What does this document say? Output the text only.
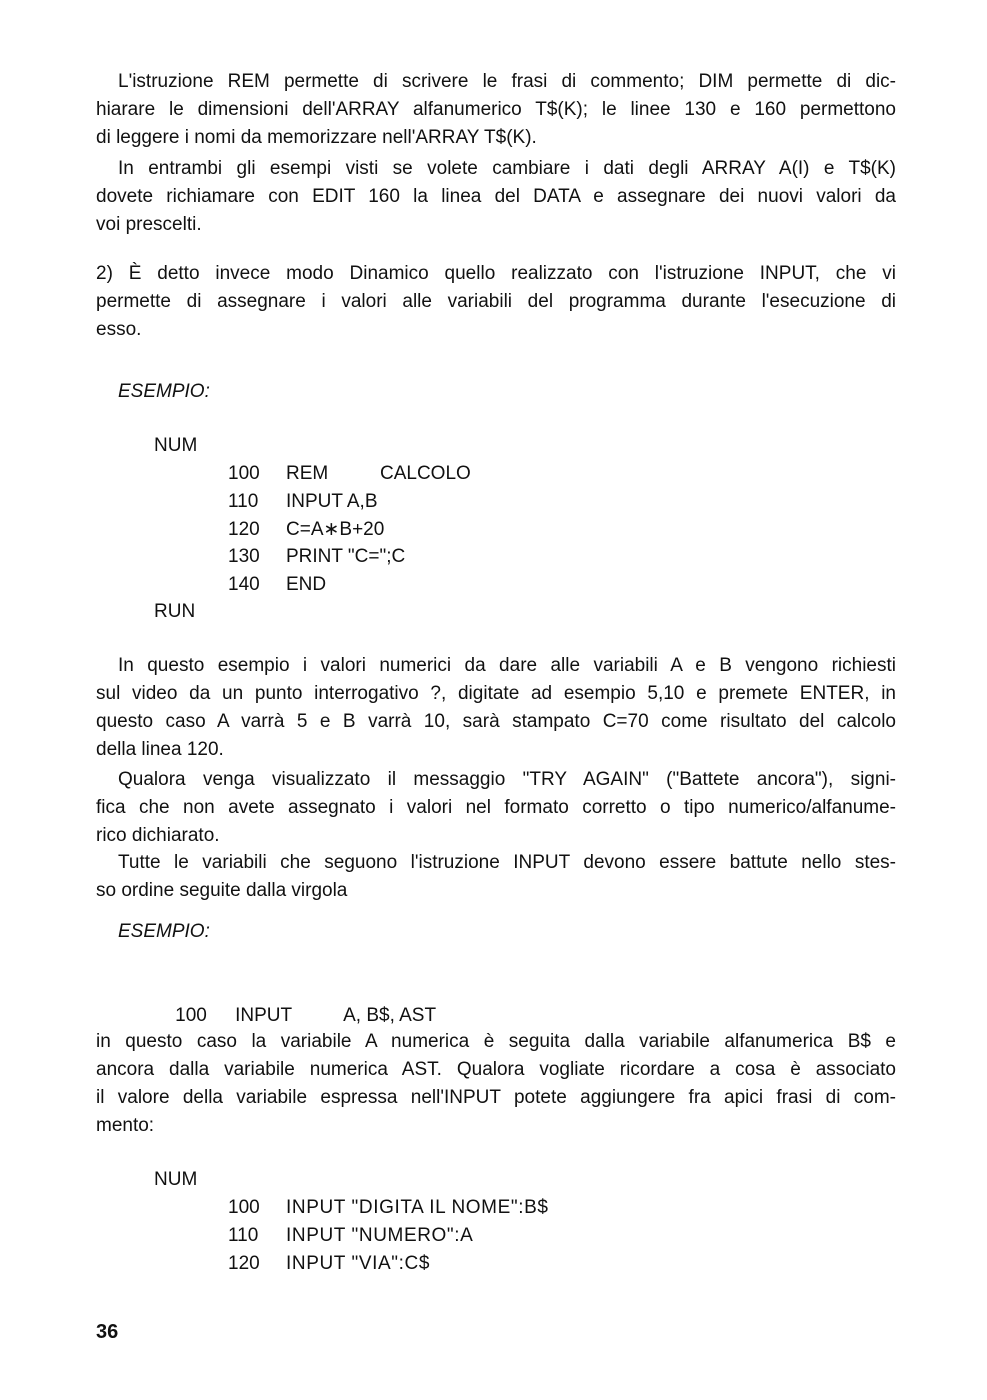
L'istruzione REM permette di scrivere le frasi di commento; DIM permette di dic-
hiarare le dimensioni dell'ARRAY alfanumerico T$(K); le linee 130 e 160 permettono
di leggere i nomi da memorizzare nell'ARRAY T$(K).
In entrambi gli esempi visti se volete cambiare i dati degli ARRAY A(I) e T$(K)
dovete richiamare con EDIT 160 la linea del DATA e assegnare dei nuovi valori da
voi prescelti.
2) È detto invece modo Dinamico quello realizzato con l'istruzione INPUT, che vi
permette di assegnare i valori alle variabili del programma durante l'esecuzione di
esso.
ESEMPIO:
NUM
100 REM	CALCOLO
110 INPUT A,B
120 C=A∗B+20
130 PRINT "C=";C
140 END
RUN
In questo esempio i valori numerici da dare alle variabili A e B vengono richiesti
sul video da un punto interrogativo ?, digitate ad esempio 5,10 e premete ENTER, in
questo caso A varrà 5 e B varrà 10, sarà stampato C=70 come risultato del calcolo
della linea 120.
Qualora venga visualizzato il messaggio "TRY AGAIN" ("Battete ancora"), signi-
fica che non avete assegnato i valori nel formato corretto o tipo numerico/alfanume-
rico dichiarato.
Tutte le variabili che seguono l'istruzione INPUT devono essere battute nello stes-
so ordine seguite dalla virgola
ESEMPIO:

100 INPUT	A, B$, AST

in questo caso la variabile A numerica è seguita dalla variabile alfanumerica B$ e
ancora dalla variabile numerica AST. Qualora vogliate ricordare a cosa è associato
il valore della variabile espressa nell'INPUT potete aggiungere fra apici frasi di com-
mento:
NUM
100 INPUT "DIGITA IL NOME":B$
110 INPUT "NUMERO":A
120 INPUT "VIA":C$
36
